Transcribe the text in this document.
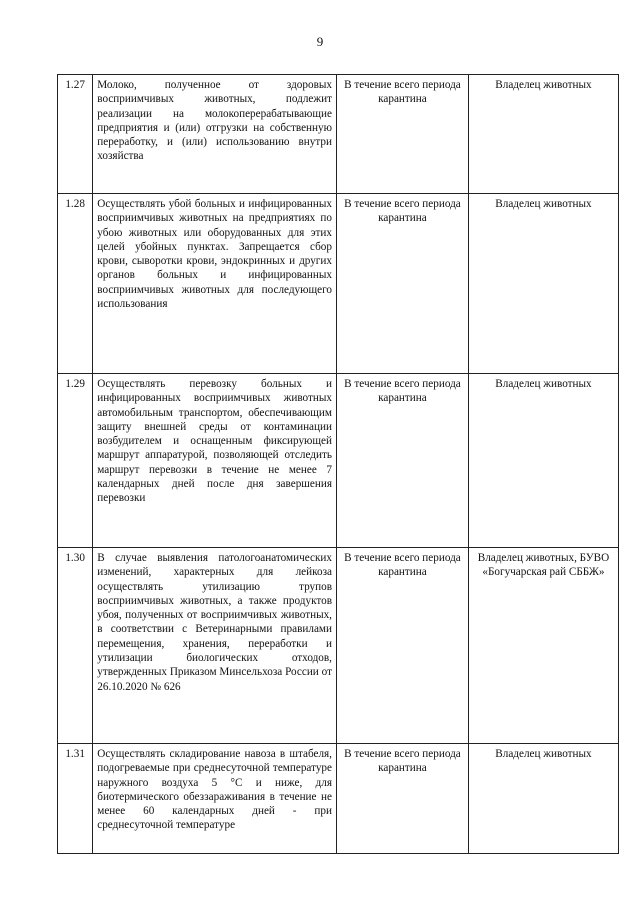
9
1.27	Молоко, полученное от здоровых восприимчивых животных, подлежит реализации на молокоперерабатывающие предприятия и (или) отгрузки на собственную переработку, и (или) использованию внутри хозяйства	В течение всего периода карантина	Владелец животных
1.28	Осуществлять убой больных и инфицированных восприимчивых животных на предприятиях по убою животных или оборудованных для этих целей убойных пунктах. Запрещается сбор крови, сыворотки крови, эндокринных и других органов больных и инфицированных восприимчивых животных для последующего использования	В течение всего периода карантина	Владелец животных
1.29	Осуществлять перевозку больных и инфицированных восприимчивых животных автомобильным транспортом, обеспечивающим защиту внешней среды от контаминации возбудителем и оснащенным фиксирующей маршрут аппаратурой, позволяющей отследить маршрут перевозки в течение не менее 7 календарных дней после дня завершения перевозки	В течение всего периода карантина	Владелец животных
1.30	В случае выявления патологоанатомических изменений, характерных для лейкоза осуществлять утилизацию трупов восприимчивых животных, а также продуктов убоя, полученных от восприимчивых животных, в соответствии с Ветеринарными правилами перемещения, хранения, переработки и утилизации биологических отходов, утвержденных Приказом Минсельхоза России от 26.10.2020 № 626	В течение всего периода карантина	Владелец животных, БУВО «Богучарская рай СББЖ»
1.31	Осуществлять складирование навоза в штабеля, подогреваемые при среднесуточной температуре наружного воздуха 5 °С и ниже, для биотермического обеззараживания в течение не менее 60 календарных дней - при среднесуточной температуре	В течение всего периода карантина	Владелец животных
